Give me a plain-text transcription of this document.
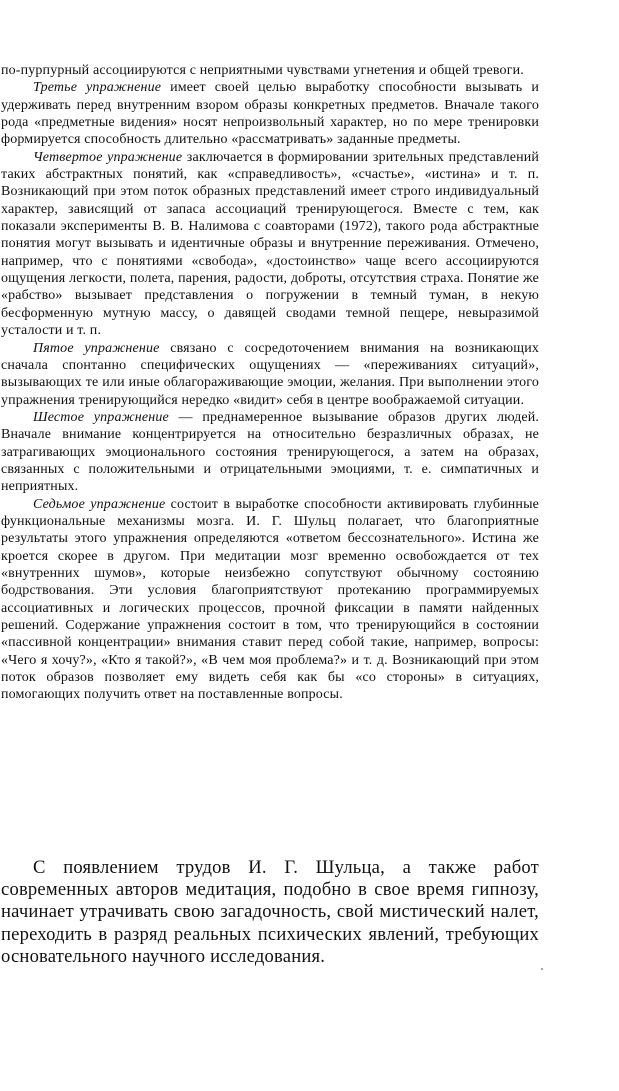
по-пурпурный ассоциируются с неприятными чувствами угнетения и общей тревоги.

Третье упражнение имеет своей целью выработку способности вызывать и удерживать перед внутренним взором образы конкретных предметов. Вначале такого рода «предметные видения» носят непроизвольный характер, но по мере тренировки формируется способность длительно «рассматривать» заданные предметы.

Четвертое упражнение заключается в формировании зрительных представлений таких абстрактных понятий, как «справедливость», «счастье», «истина» и т. п. Возникающий при этом поток образных представлений имеет строго индивидуальный характер, зависящий от запаса ассоциаций тренирующегося. Вместе с тем, как показали эксперименты В. В. Налимова с соавторами (1972), такого рода абстрактные понятия могут вызывать и идентичные образы и внутренние переживания. Отмечено, например, что с понятиями «свобода», «достоинство» чаще всего ассоциируются ощущения легкости, полета, парения, радости, доброты, отсутствия страха. Понятие же «рабство» вызывает представления о погружении в темный туман, в некую бесформенную мутную массу, о давящей сводами темной пещере, невыразимой усталости и т. п.

Пятое упражнение связано с сосредоточением внимания на возникающих сначала спонтанно специфических ощущениях — «переживаниях ситуаций», вызывающих те или иные облагораживающие эмоции, желания. При выполнении этого упражнения тренирующийся нередко «видит» себя в центре воображаемой ситуации.

Шестое упражнение — преднамеренное вызывание образов других людей. Вначале внимание концентрируется на относительно безразличных образах, не затрагивающих эмоционального состояния тренирующегося, а затем на образах, связанных с положительными и отрицательными эмоциями, т. е. симпатичных и неприятных.

Седьмое упражнение состоит в выработке способности активировать глубинные функциональные механизмы мозга. И. Г. Шульц полагает, что благоприятные результаты этого упражнения определяются «ответом бессознательного». Истина же кроется скорее в другом. При медитации мозг временно освобождается от тех «внутренних шумов», которые неизбежно сопутствуют обычному состоянию бодрствования. Эти условия благоприятствуют протеканию программируемых ассоциативных и логических процессов, прочной фиксации в памяти найденных решений. Содержание упражнения состоит в том, что тренирующийся в состоянии «пассивной концентрации» внимания ставит перед собой такие, например, вопросы: «Чего я хочу?», «Кто я такой?», «В чем моя проблема?» и т. д. Возникающий при этом поток образов позволяет ему видеть себя как бы «со стороны» в ситуациях, помогающих получить ответ на поставленные вопросы.

С появлением трудов И. Г. Шульца, а также работ современных авторов медитация, подобно в свое время гипнозу, начинает утрачивать свою загадочность, свой мистический налет, переходить в разряд реальных психических явлений, требующих основательного научного исследования.
